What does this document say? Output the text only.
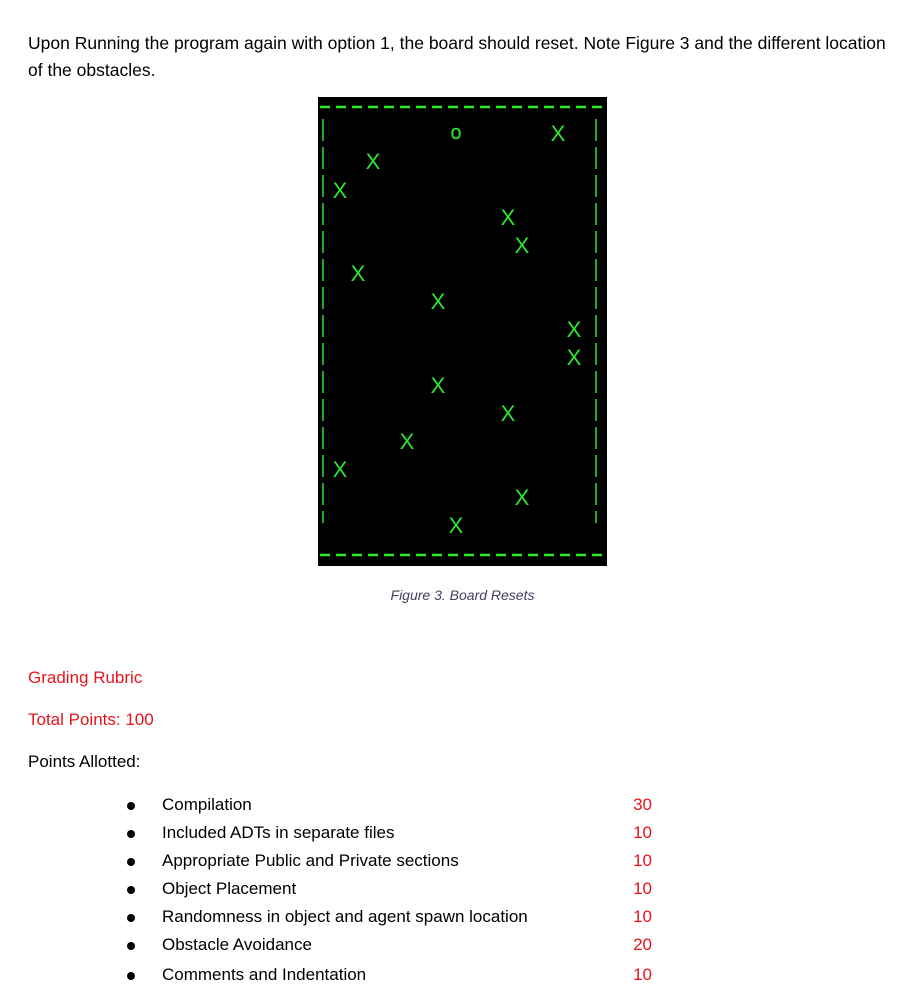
Upon Running the program again with option 1, the board should reset. Note Figure 3 and the different location of the obstacles.

o	X
X
X
X
X
X
X
X
X
X
X
X
X
X
X
Figure 3. Board Resets
Grading Rubric
Total Points: 100
Points Allotted:
Compilation	30
Included ADTs in separate files	10
Appropriate Public and Private sections	10
Object Placement	10
Randomness in object and agent spawn location	10
Obstacle Avoidance	20
Comments and Indentation	10
